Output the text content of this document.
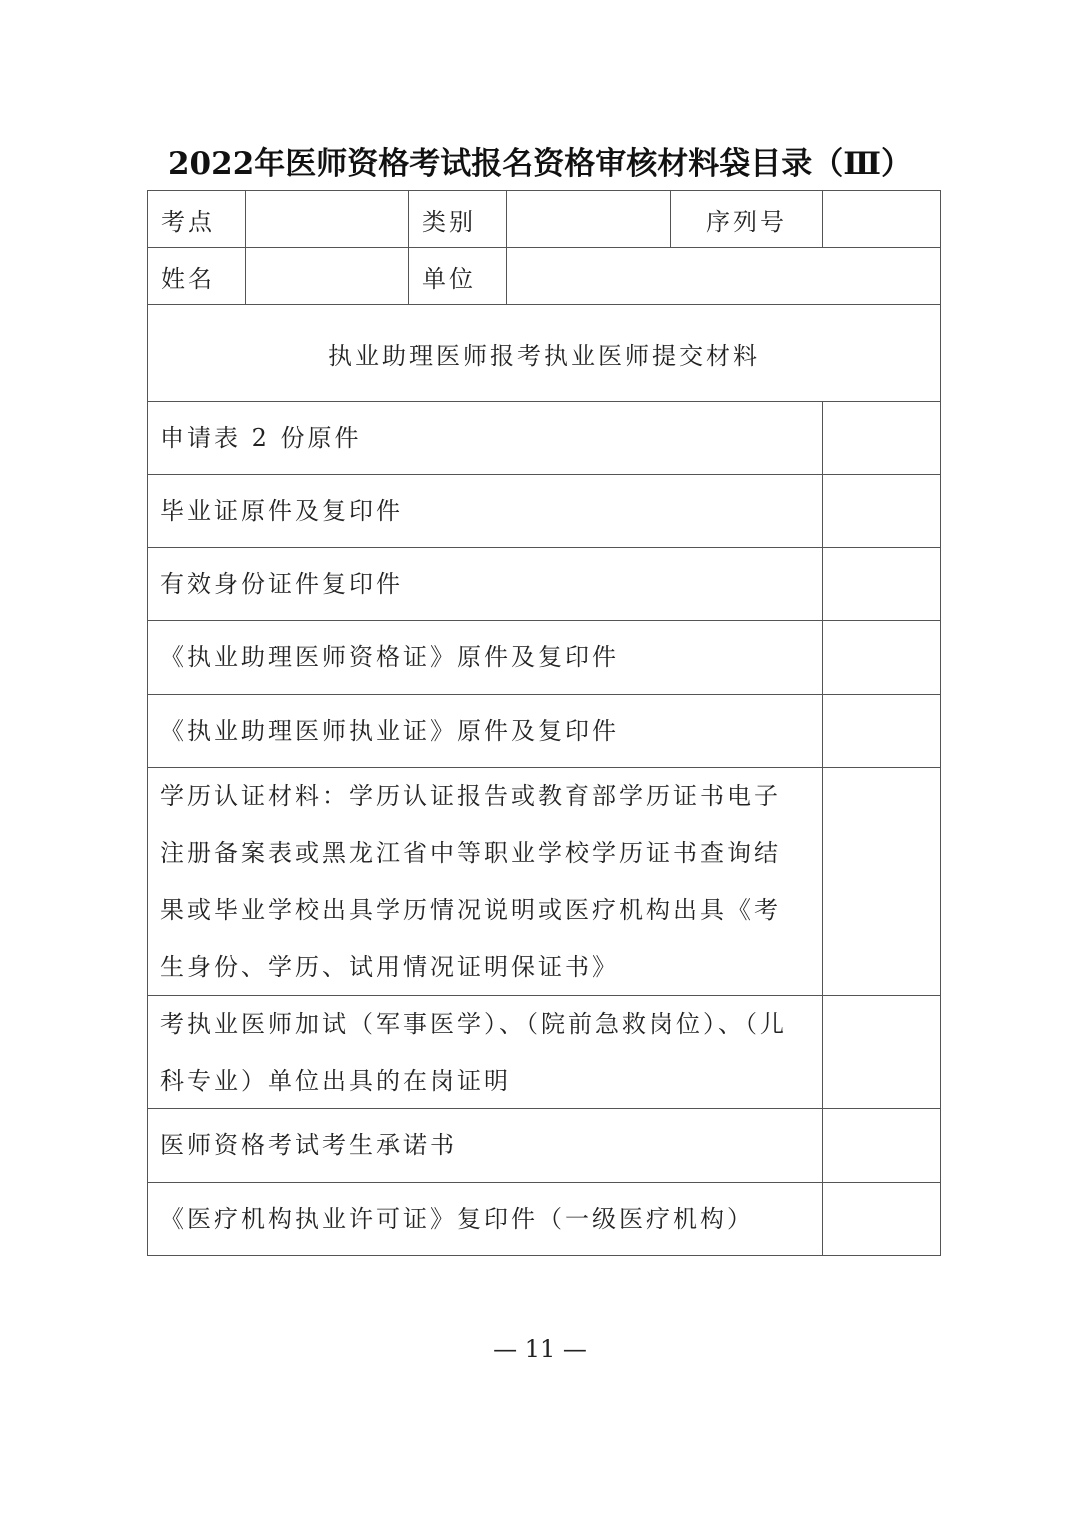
2022年医师资格考试报名资格审核材料袋目录（Ⅲ）
考点	类别	序列号
姓名	单位
执业助理医师报考执业医师提交材料
申请表 2 份原件
毕业证原件及复印件
有效身份证件复印件
《执业助理医师资格证》原件及复印件
《执业助理医师执业证》原件及复印件
学历认证材料：学历认证报告或教育部学历证书电子注册备案表或黑龙江省中等职业学校学历证书查询结果或毕业学校出具学历情况说明或医疗机构出具《考生身份、学历、试用情况证明保证书》
考执业医师加试（军事医学）、（院前急救岗位）、（儿科专业）单位出具的在岗证明
医师资格考试考生承诺书
《医疗机构执业许可证》复印件（一级医疗机构）
— 11 —
